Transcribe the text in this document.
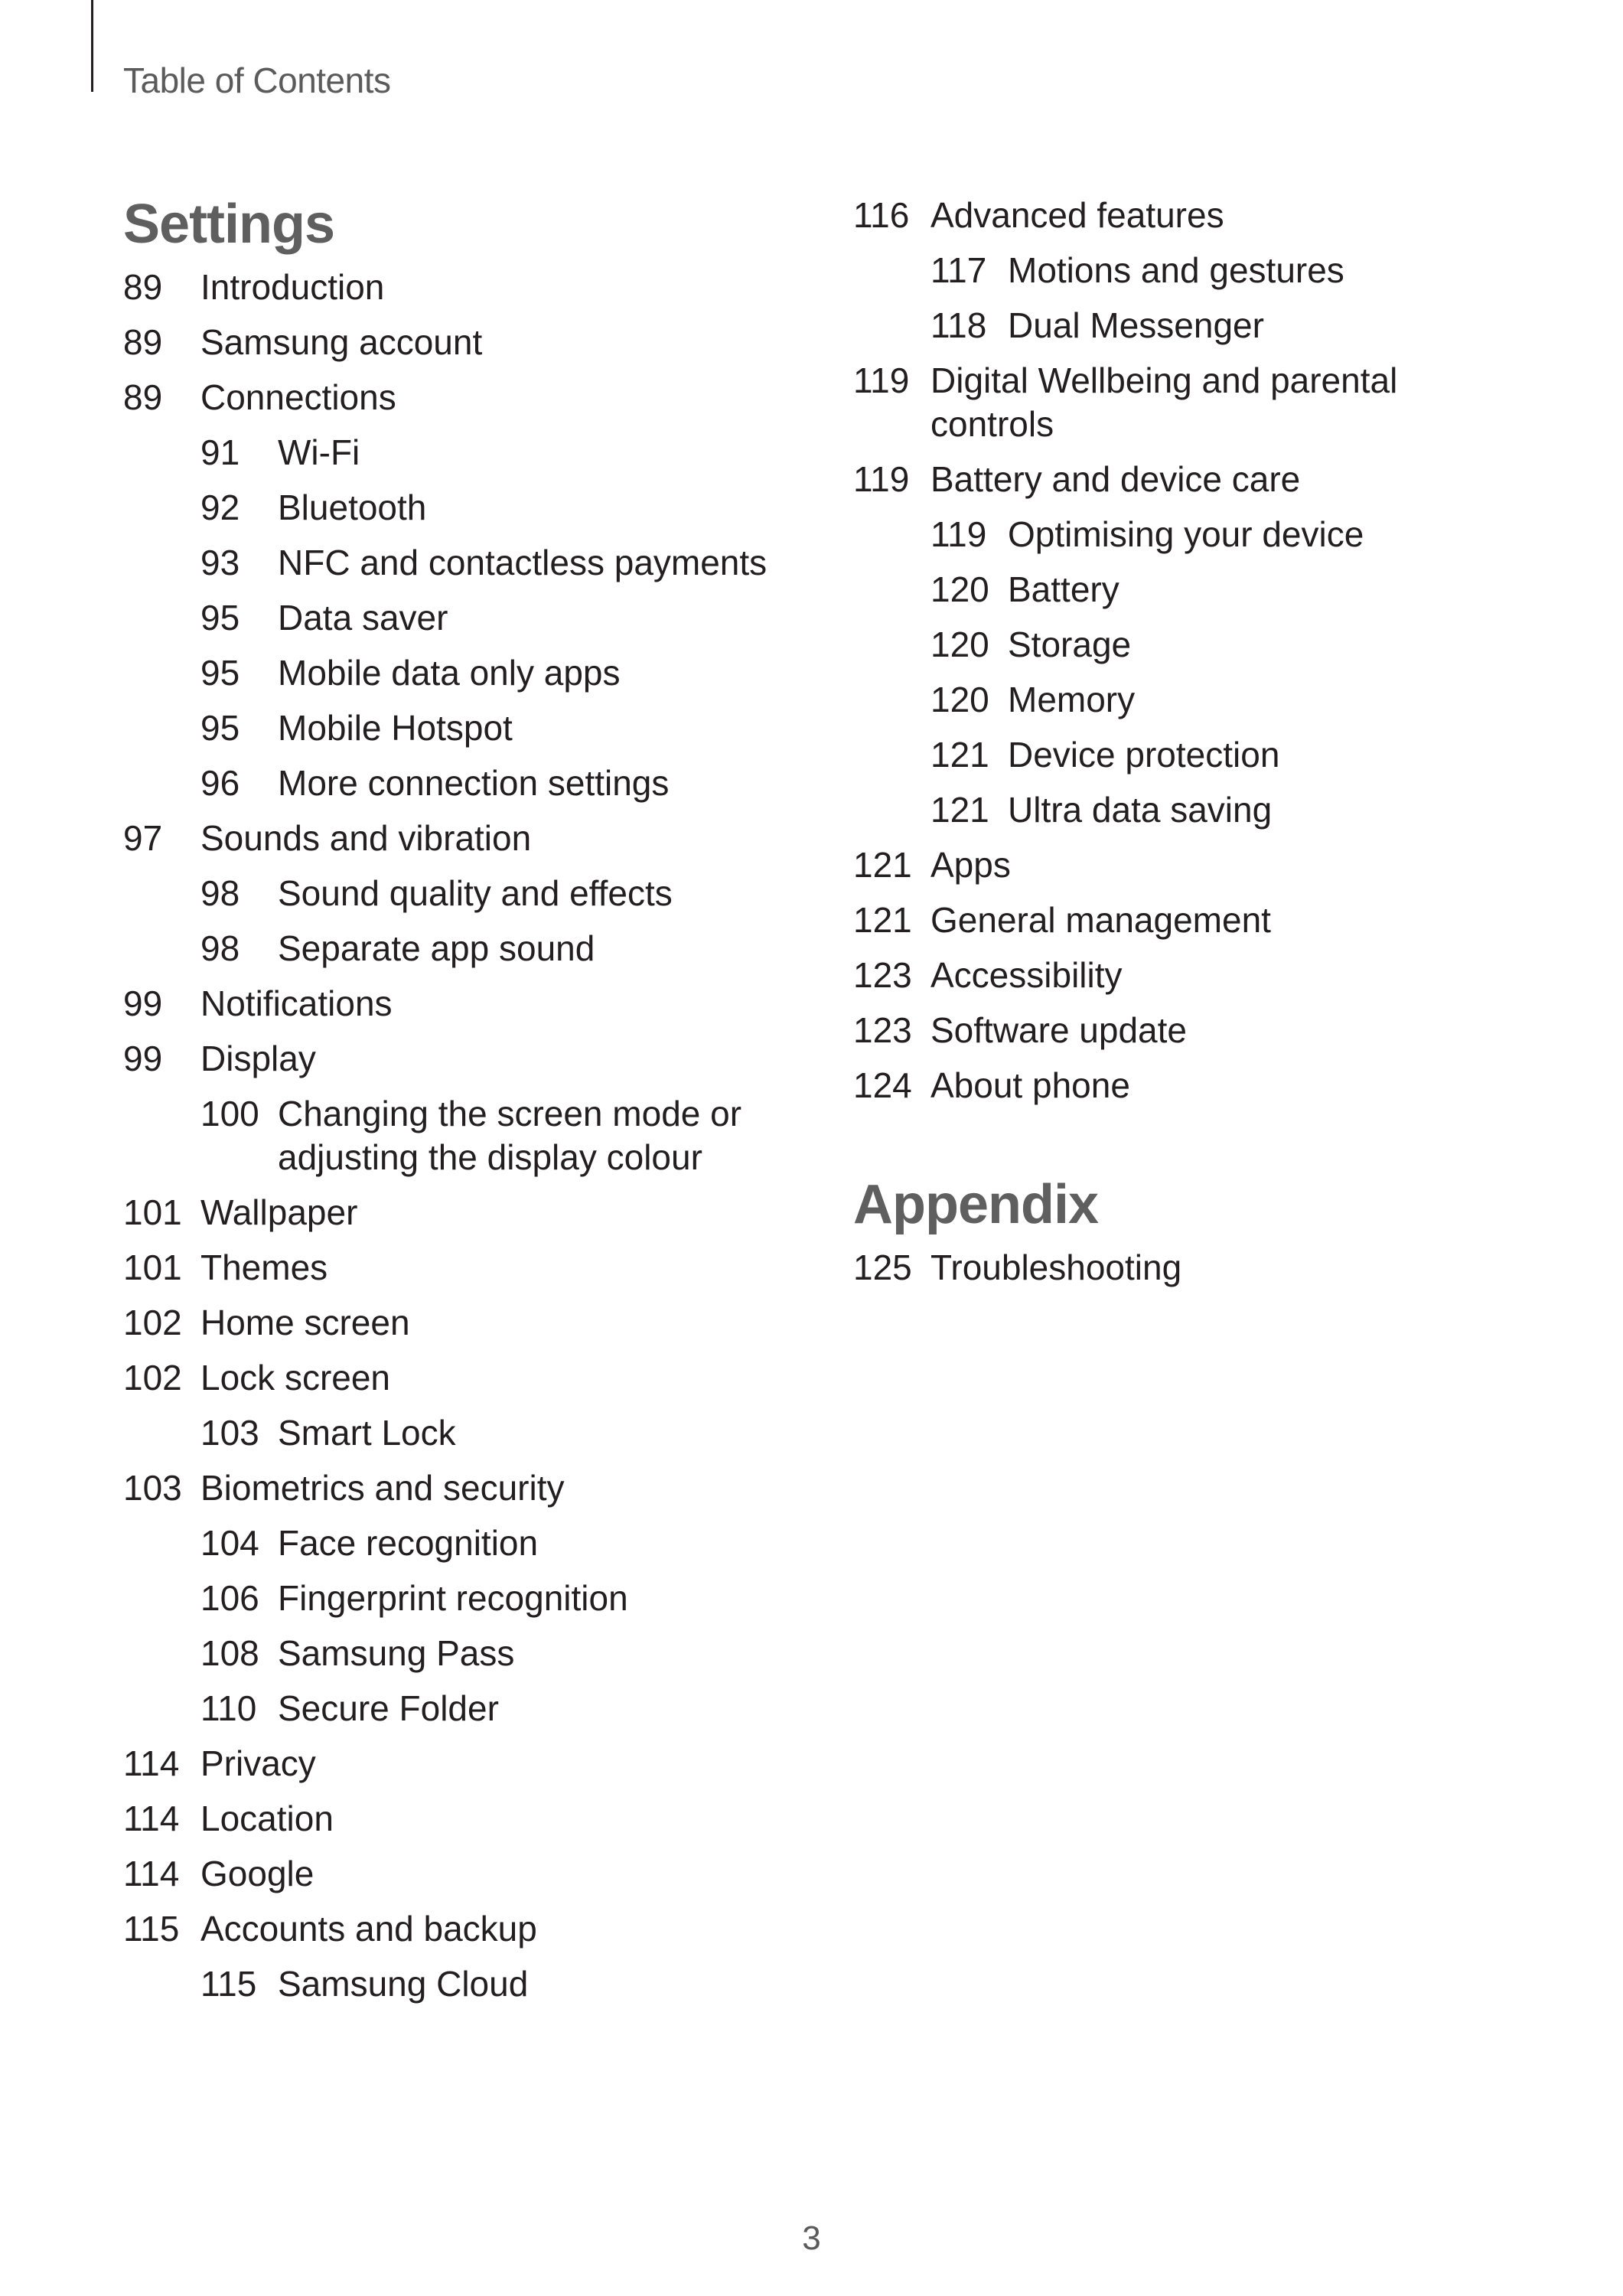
Table of Contents
Settings
89 Introduction
89 Samsung account
89 Connections
91 Wi-Fi
92 Bluetooth
93 NFC and contactless payments
95 Data saver
95 Mobile data only apps
95 Mobile Hotspot
96 More connection settings
97 Sounds and vibration
98 Sound quality and effects
98 Separate app sound
99 Notifications
99 Display
100 Changing the screen mode or adjusting the display colour
101 Wallpaper
101 Themes
102 Home screen
102 Lock screen
103 Smart Lock
103 Biometrics and security
104 Face recognition
106 Fingerprint recognition
108 Samsung Pass
110 Secure Folder
114 Privacy
114 Location
114 Google
115 Accounts and backup
115 Samsung Cloud
116 Advanced features
117 Motions and gestures
118 Dual Messenger
119 Digital Wellbeing and parental controls
119 Battery and device care
119 Optimising your device
120 Battery
120 Storage
120 Memory
121 Device protection
121 Ultra data saving
121 Apps
121 General management
123 Accessibility
123 Software update
124 About phone
Appendix
125 Troubleshooting
3
